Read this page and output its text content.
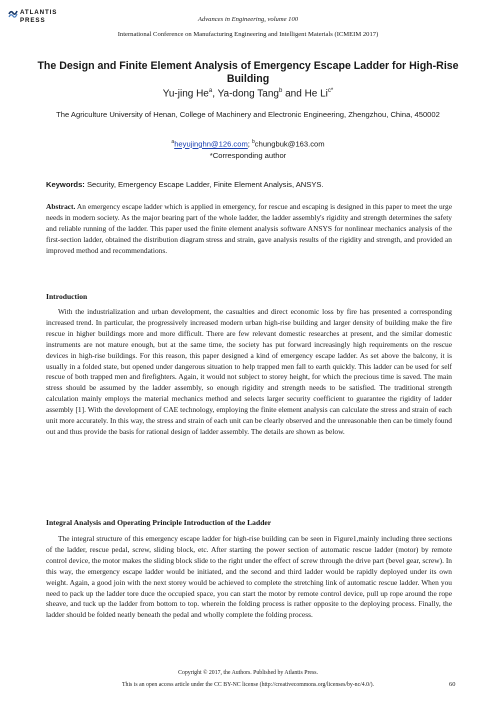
ATLANTIS
PRESS	Advances in Engineering, volume 100
International Conference on Manufacturing Engineering and Intelligent Materials (ICMEIM 2017)
The Design and Finite Element Analysis of Emergency Escape Ladder for High-Rise Building
Yu-jing He$^a$, Ya-dong Tang$^b$ and He $Li^{c*}$
The Agriculture University of Henan, College of Machinery and Electronic Engineering, Zhengzhou, China, 450002
$^a$heyujinghn@126.com; $^b$chungbuk@163.com
*Corresponding author
Keywords: Security, Emergency Escape Ladder, Finite Element Analysis, ANSYS.

Abstract. An emergency escape ladder which is applied in emergency, for rescue and escaping is designed in this paper to meet the urge needs in modern society. As the major bearing part of the whole ladder, the ladder assembly's rigidity and strength determines the safety and reliable running of the ladder. This paper used the finite element analysis software ANSYS for nonlinear mechanics analysis of the first-section ladder, obtained the distribution diagram stress and strain, gave analysis results of the rigidity and strength, and provided an improved method and recommendations.

Introduction

With the industrialization and urban development, the casualties and direct economic loss by fire has presented a corresponding increased trend. In particular, the progressively increased modern urban high-rise building and larger density of building make the fire rescue in higher buildings more and more difficult. There are few relevant domestic researches at present, and the similar domestic instruments are not mature enough, but at the same time, the society has put forward increasingly high requirements on the rescue devices in high-rise buildings. For this reason, this paper designed a kind of emergency escape ladder. As set above the balcony, it is usually in a folded state, but opened under dangerous situation to help trapped men fall to earth quickly. This ladder can be used for self rescue of both trapped men and firefighters. Again, it would not subject to storey height, for which the precious time is saved. The main stress should be assumed by the ladder assembly, so enough rigidity and strength needs to be satisfied. The traditional strength calculation mainly employs the material mechanics method and selects larger security coefficient to guarantee the rigidity of ladder assembly [1]. With the development of CAE technology, employing the finite element analysis can calculate the stress and strain of each unit more accurately. In this way, the stress and strain of each unit can be clearly observed and the unreasonable then can be timely found out and thus provide the basis for rational design of ladder assembly. The details are shown as below.

Integral Analysis and Operating Principle Introduction of the Ladder

The integral structure of this emergency escape ladder for high-rise building can be seen in Figure1,mainly including three sections of the ladder, rescue pedal, screw, sliding block, etc. After starting the power section of automatic rescue ladder (motor) by remote control device, the motor makes the sliding block slide to the right under the effect of screw through the drive part (bevel gear, screw). In this way, the emergency escape ladder would be initiated, and the second and third ladder would be rapidly deployed under its own weight. Again, a good join with the next storey would be achieved to complete the stretching link of automatic rescue ladder. When you need to pack up the ladder tore duce the occupied space, you can start the motor by remote control device, pull up rope around the rope sheave, and tuck up the ladder from bottom to top. wherein the folding process is rather opposite to the deploying process. Finally, the ladder should be folded neatly beneath the pedal and wholly complete the folding process.

Copyright © 2017, the Authors. Published by Atlantis Press.
This is an open access article under the CC BY-NC license (http://creativecommons.org/licenses/by-nc/4.0/).	60
